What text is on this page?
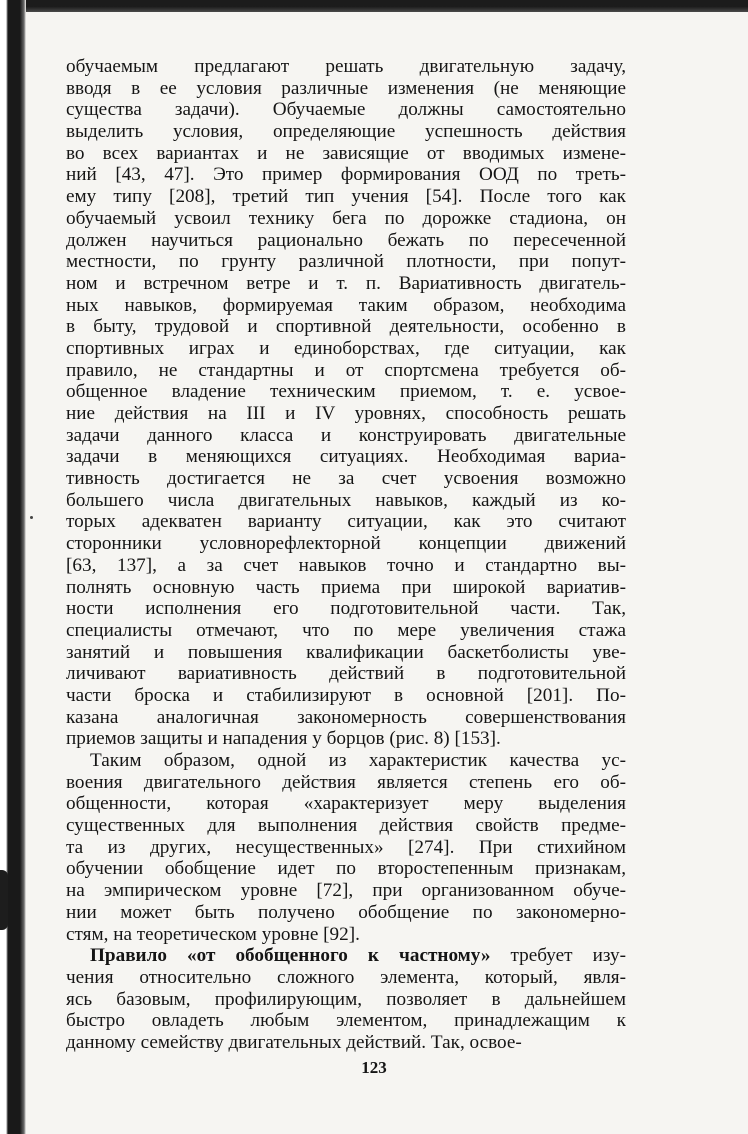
обучаемым предлагают решать двигательную задачу,
вводя в ее условия различные изменения (не меняющие
существа задачи). Обучаемые должны самостоятельно
выделить условия, определяющие успешность действия
во всех вариантах и не зависящие от вводимых измене-
ний [43, 47]. Это пример формирования ООД по треть-
ему типу [208], третий тип учения [54]. После того как
обучаемый усвоил технику бега по дорожке стадиона, он
должен научиться рационально бежать по пересеченной
местности, по грунту различной плотности, при попут-
ном и встречном ветре и т. п. Вариативность двигатель-
ных навыков, формируемая таким образом, необходима
в быту, трудовой и спортивной деятельности, особенно в
спортивных играх и единоборствах, где ситуации, как
правило, не стандартны и от спортсмена требуется об-
общенное владение техническим приемом, т. е. усвое-
ние действия на III и IV уровнях, способность решать
задачи данного класса и конструировать двигательные
задачи в меняющихся ситуациях. Необходимая вариа-
тивность достигается не за счет усвоения возможно
большего числа двигательных навыков, каждый из ко-
торых адекватен варианту ситуации, как это считают
сторонники условнорефлекторной концепции движений
[63, 137], а за счет навыков точно и стандартно вы-
полнять основную часть приема при широкой вариатив-
ности исполнения его подготовительной части. Так,
специалисты отмечают, что по мере увеличения стажа
занятий и повышения квалификации баскетболисты уве-
личивают вариативность действий в подготовительной
части броска и стабилизируют в основной [201]. По-
казана аналогичная закономерность совершенствования
приемов защиты и нападения у борцов (рис. 8) [153].
Таким образом, одной из характеристик качества ус-
воения двигательного действия является степень его об-
общенности, которая «характеризует меру выделения
существенных для выполнения действия свойств предме-
та из других, несущественных» [274]. При стихийном
обучении обобщение идет по второстепенным признакам,
на эмпирическом уровне [72], при организованном обуче-
нии может быть получено обобщение по закономерно-
стям, на теоретическом уровне [92].
Правило «от обобщенного к частному» требует изу-
чения относительно сложного элемента, который, явля-
ясь базовым, профилирующим, позволяет в дальнейшем
быстро овладеть любым элементом, принадлежащим к
данному семейству двигательных действий. Так, освое-
123
